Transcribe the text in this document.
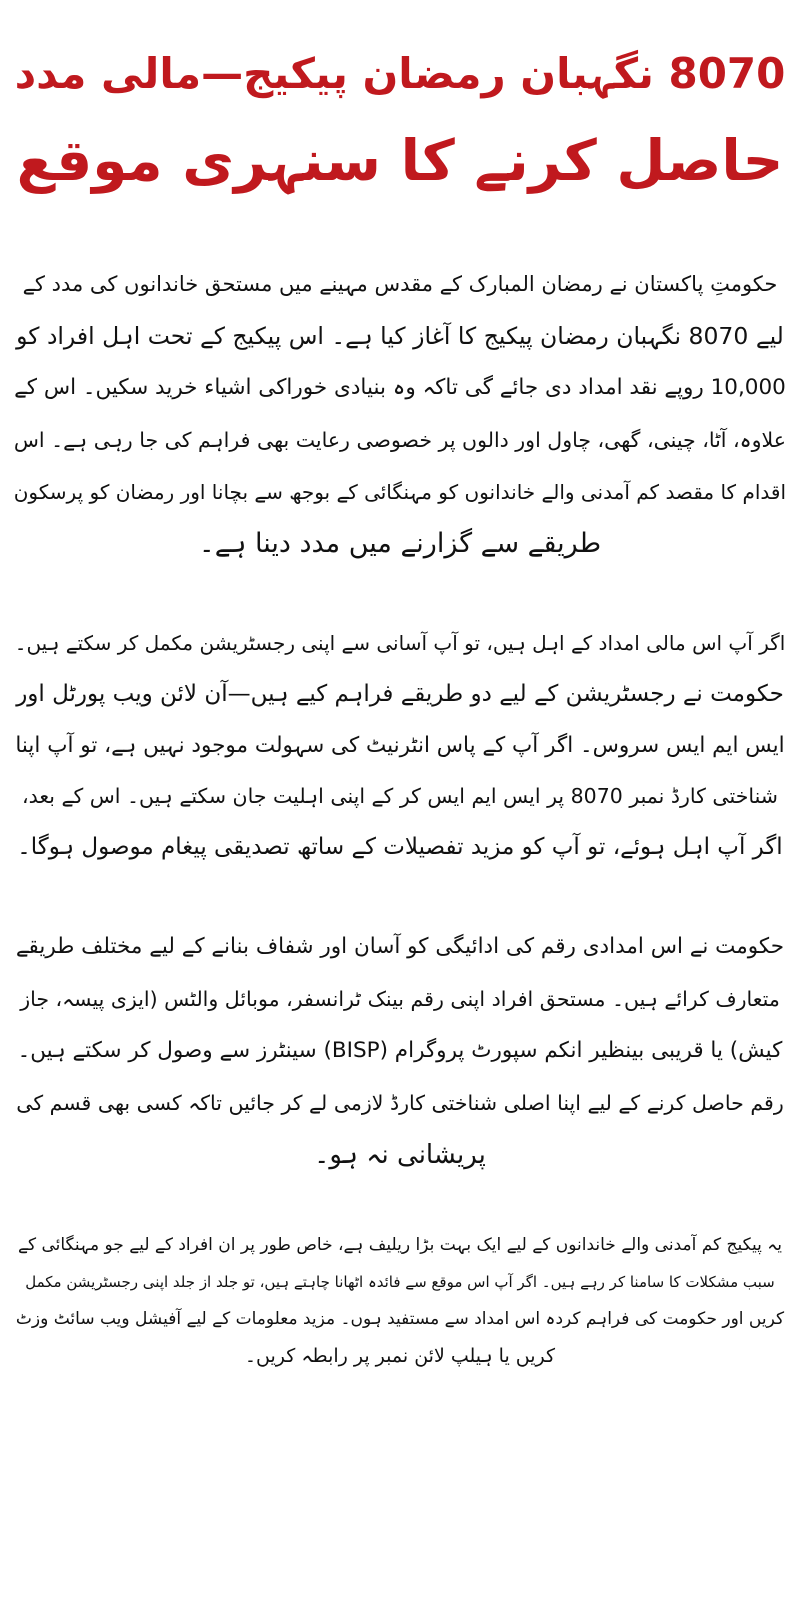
8070 نگہبان رمضان پیکیج—مالی مدد
حاصل کرنے کا سنہری موقع

حکومتِ پاکستان نے رمضان المبارک کے مقدس مہینے میں مستحق خاندانوں کی مدد کے
لیے 8070 نگہبان رمضان پیکیج کا آغاز کیا ہے۔ اس پیکیج کے تحت اہل افراد کو
10,000 روپے نقد امداد دی جائے گی تاکہ وہ بنیادی خوراکی اشیاء خرید سکیں۔ اس کے
علاوہ، آٹا، چینی، گھی، چاول اور دالوں پر خصوصی رعایت بھی فراہم کی جا رہی ہے۔ اس
اقدام کا مقصد کم آمدنی والے خاندانوں کو مہنگائی کے بوجھ سے بچانا اور رمضان کو پرسکون
طریقے سے گزارنے میں مدد دینا ہے۔

اگر آپ اس مالی امداد کے اہل ہیں، تو آپ آسانی سے اپنی رجسٹریشن مکمل کر سکتے ہیں۔
حکومت نے رجسٹریشن کے لیے دو طریقے فراہم کیے ہیں—آن لائن ویب پورٹل اور
ایس ایم ایس سروس۔ اگر آپ کے پاس انٹرنیٹ کی سہولت موجود نہیں ہے، تو آپ اپنا
شناختی کارڈ نمبر 8070 پر ایس ایم ایس کر کے اپنی اہلیت جان سکتے ہیں۔ اس کے بعد،
اگر آپ اہل ہوئے، تو آپ کو مزید تفصیلات کے ساتھ تصدیقی پیغام موصول ہوگا۔

حکومت نے اس امدادی رقم کی ادائیگی کو آسان اور شفاف بنانے کے لیے مختلف طریقے
متعارف کرائے ہیں۔ مستحق افراد اپنی رقم بینک ٹرانسفر، موبائل والٹس (ایزی پیسہ، جاز
کیش) یا قریبی بینظیر انکم سپورٹ پروگرام (BISP) سینٹرز سے وصول کر سکتے ہیں۔
رقم حاصل کرنے کے لیے اپنا اصلی شناختی کارڈ لازمی لے کر جائیں تاکہ کسی بھی قسم کی
پریشانی نہ ہو۔

یہ پیکیج کم آمدنی والے خاندانوں کے لیے ایک بہت بڑا ریلیف ہے، خاص طور پر ان افراد کے لیے جو مہنگائی کے
سبب مشکلات کا سامنا کر رہے ہیں۔ اگر آپ اس موقع سے فائدہ اٹھانا چاہتے ہیں، تو جلد از جلد اپنی رجسٹریشن مکمل
کریں اور حکومت کی فراہم کردہ اس امداد سے مستفید ہوں۔ مزید معلومات کے لیے آفیشل ویب سائٹ وزٹ
کریں یا ہیلپ لائن نمبر پر رابطہ کریں۔
